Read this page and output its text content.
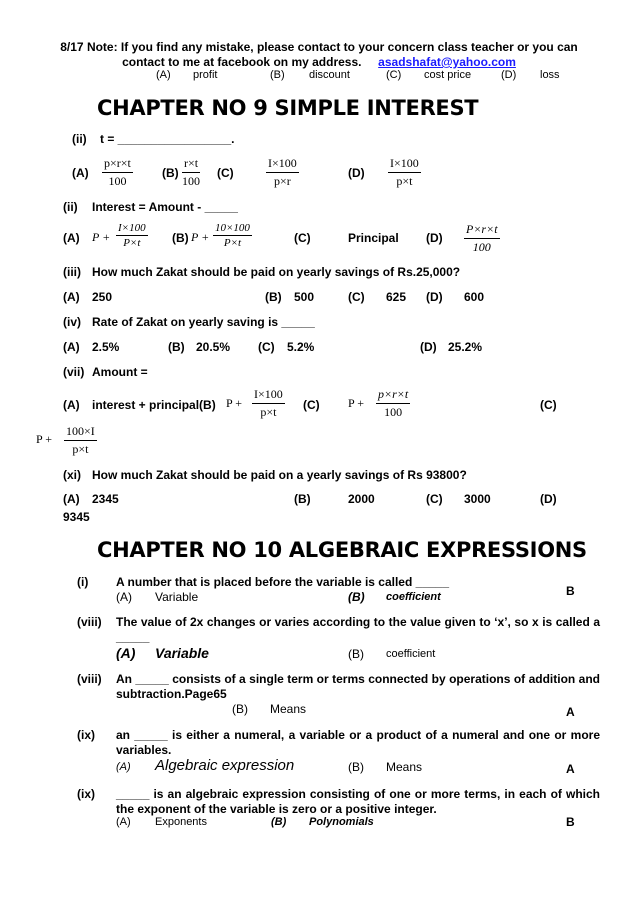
8/17 Note: If you find any mistake, please contact to your concern class teacher or you can
contact to me at facebook on my address. asadshafat@yahoo.com
(A) profit	(B) discount	(C) cost price	(D) loss
CHAPTER NO 9 SIMPLE INTEREST
(ii) t = _________________.
$(A) \frac{p\times r\times t}{100} (B) \frac{r\times t}{100} (C)$	$\frac{I\times 100}{p\times r}$	$(D) \frac{I\times 100}{p\times t}$
(ii) Interest = Amount - _____
(A) $P + \frac{I\times 100}{P\times t} (B) P + \frac{10\times 100}{P\times t}$	(C)	Principal $(D) \frac{P\times r\times t}{100}$
(iii) How much Zakat should be paid on yearly savings of Rs.25,000?
(A) 250	(B) 500	(C) 625 (D) 600
(iv) Rate of Zakat on yearly saving is _____
(A) 2.5%	(B) 20.5% (C) 5.2%	(D) 25.2%
(vii) Amount =
(A) interest + principal(B) $P + \frac{I\times 100}{p\times t} (C) P + \frac{p\times r\times t}{100}$	(C)
$P + \frac{100\times I}{p\times t}$
(xi) How much Zakat should be paid on a yearly savings of Rs 93800?
(A) 2345	(B)	2000	(C) 3000	(D)
9345
CHAPTER NO 10 ALGEBRAIC EXPRESSIONS
(i) A number that is placed before the variable is called _____
(A) Variable	(B) coefficient	B
(viii) The value of 2x changes or varies according to the value given to ‘x’, so x is called a _____
(A) Variable	(B) coefficient
(viii) An _____ consists of a single term or terms connected by operations of addition and subtraction.Page65
(B) Means	A
(ix) an _____ is either a numeral, a variable or a product of a numeral and one or more variables.
(A) Algebraic expression	(B) Means	A
(ix) _____ is an algebraic expression consisting of one or more terms, in each of which the exponent of the variable is zero or a positive integer.
(A) Exponents	(B) Polynomials	B
